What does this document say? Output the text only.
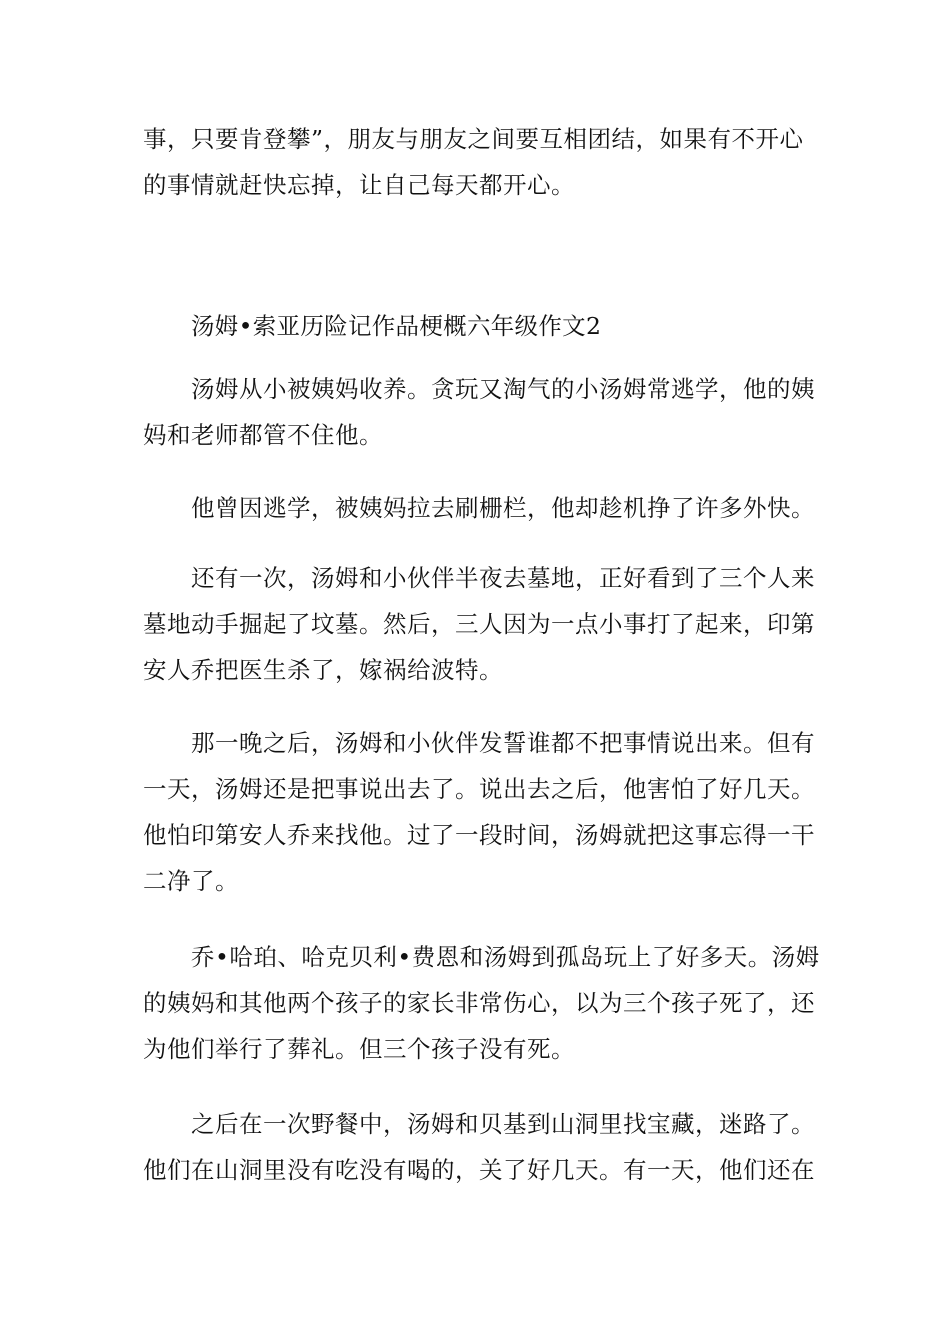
事，只要肯登攀”，朋友与朋友之间要互相团结，如果有不开心
的事情就赶快忘掉，让自己每天都开心。
汤姆•索亚历险记作品梗概六年级作文2
汤姆从小被姨妈收养。贪玩又淘气的小汤姆常逃学，他的姨
妈和老师都管不住他。
他曾因逃学，被姨妈拉去刷栅栏，他却趁机挣了许多外快。
还有一次，汤姆和小伙伴半夜去墓地，正好看到了三个人来
墓地动手掘起了坟墓。然后，三人因为一点小事打了起来，印第
安人乔把医生杀了，嫁祸给波特。
那一晚之后，汤姆和小伙伴发誓谁都不把事情说出来。但有
一天，汤姆还是把事说出去了。说出去之后，他害怕了好几天。
他怕印第安人乔来找他。过了一段时间，汤姆就把这事忘得一干
二净了。
乔•哈珀、哈克贝利•费恩和汤姆到孤岛玩上了好多天。汤姆
的姨妈和其他两个孩子的家长非常伤心，以为三个孩子死了，还
为他们举行了葬礼。但三个孩子没有死。
之后在一次野餐中，汤姆和贝基到山洞里找宝藏，迷路了。
他们在山洞里没有吃没有喝的，关了好几天。有一天，他们还在
